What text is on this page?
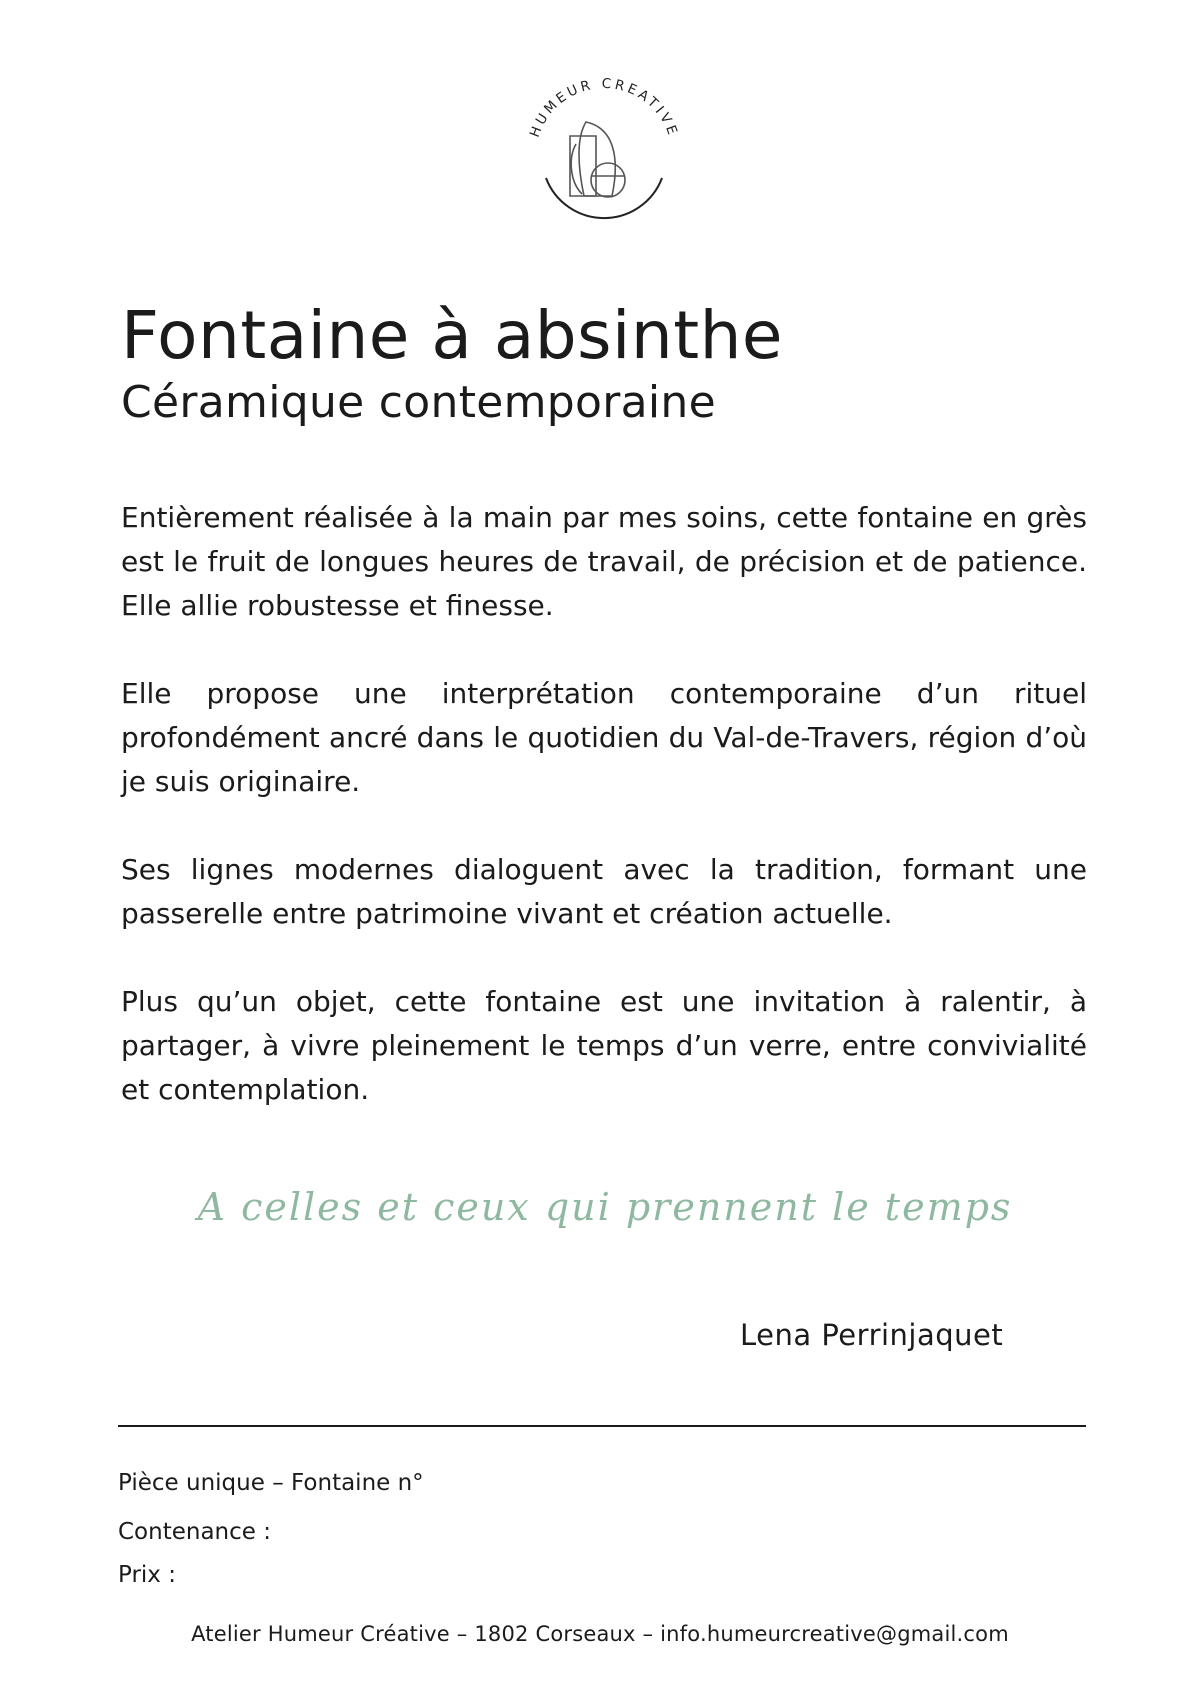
HUMEUR CREATIVE
Fontaine à absinthe
Céramique contemporaine

Entièrement réalisée à la main par mes soins, cette fontaine en grès est le fruit de longues heures de travail, de précision et de patience. Elle allie robustesse et finesse.

Elle propose une interprétation contemporaine d’un rituel profondément ancré dans le quotidien du Val-de-Travers, région d’où je suis originaire.

Ses lignes modernes dialoguent avec la tradition, formant une passerelle entre patrimoine vivant et création actuelle.

Plus qu’un objet, cette fontaine est une invitation à ralentir, à partager, à vivre pleinement le temps d’un verre, entre convivialité et contemplation.

A celles et ceux qui prennent le temps
Lena Perrinjaquet
Pièce unique – Fontaine n°
Contenance :
Prix :
Atelier Humeur Créative – 1802 Corseaux – info.humeurcreative@gmail.com
